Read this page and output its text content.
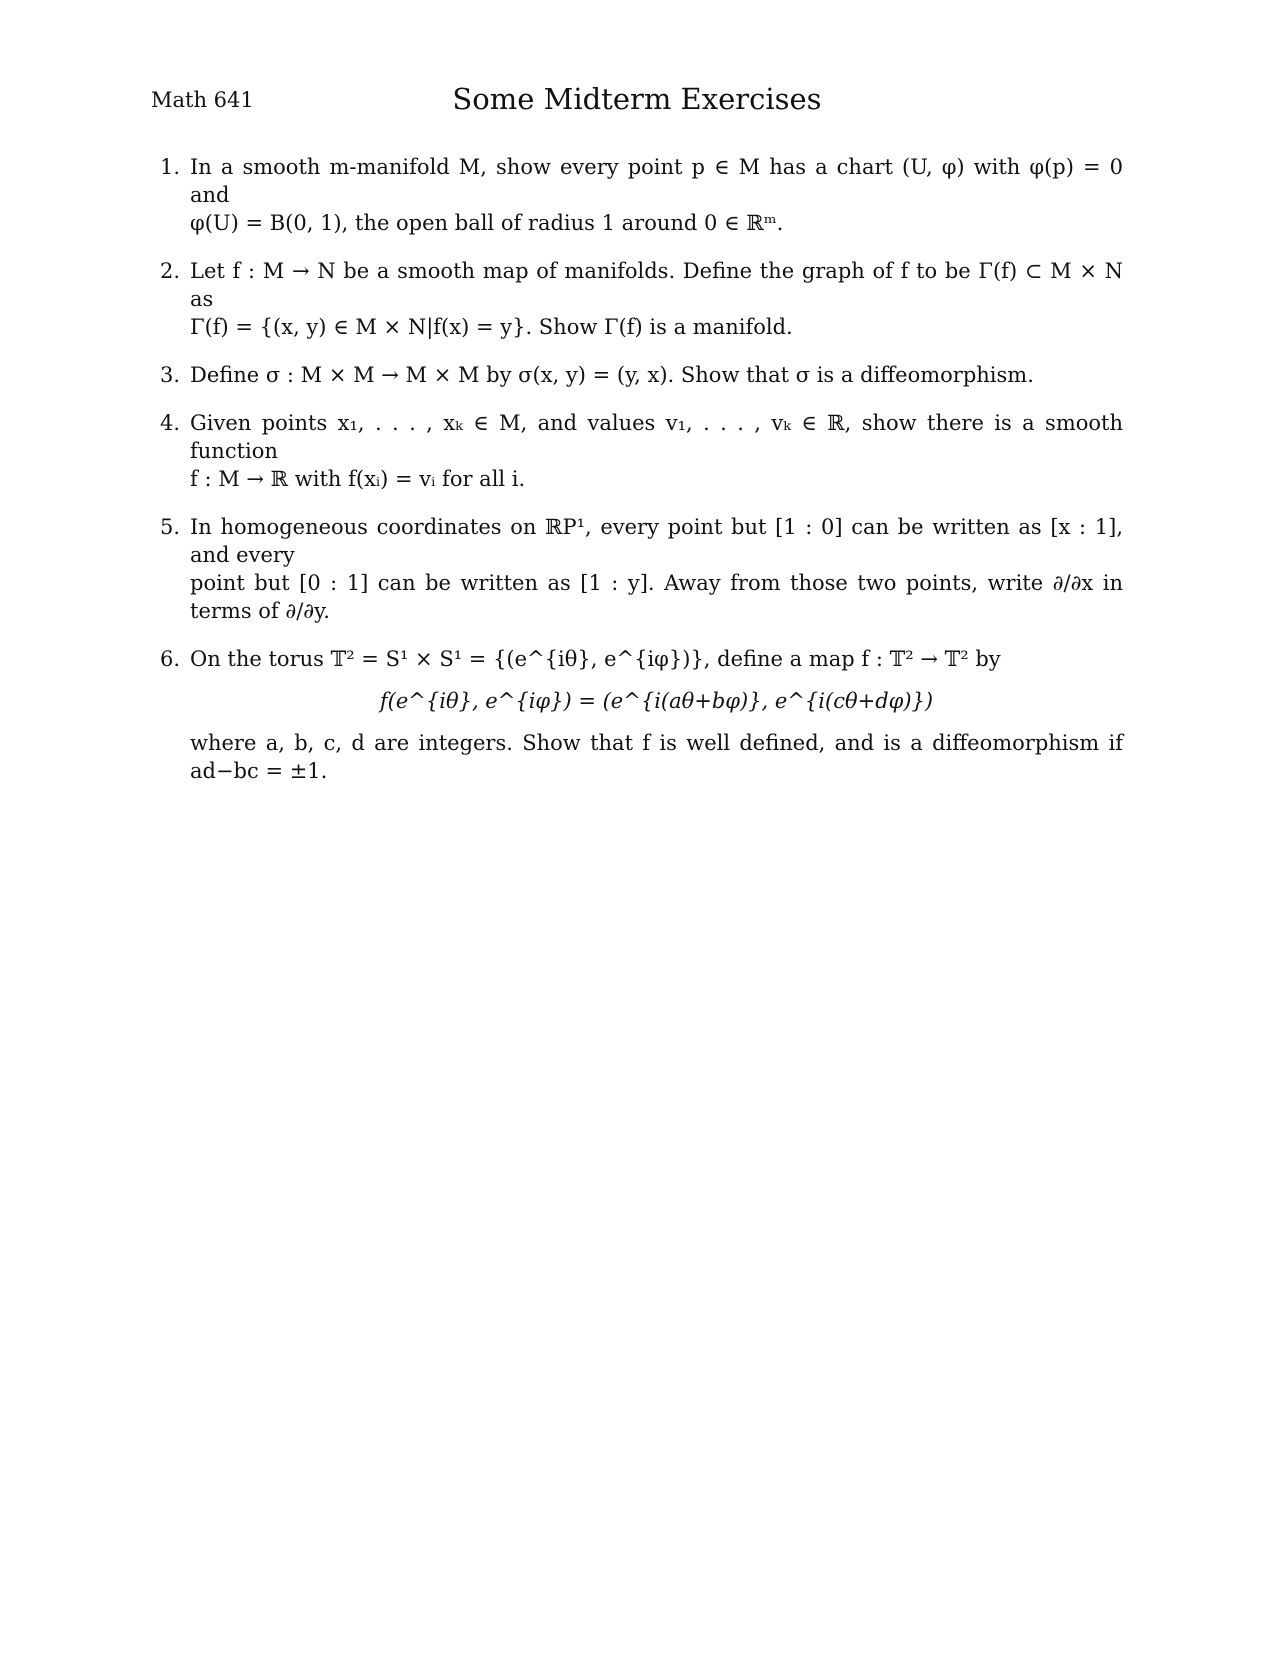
Math 641	Some Midterm Exercises
1. In a smooth m-manifold M, show every point p ∈ M has a chart (U, φ) with φ(p) = 0 and
φ(U) = B(0, 1), the open ball of radius 1 around 0 ∈ ℝᵐ.
2. Let f : M → N be a smooth map of manifolds. Define the graph of f to be Γ(f) ⊂ M × N as
Γ(f) = {(x, y) ∈ M × N|f(x) = y}. Show Γ(f) is a manifold.
3. Define σ : M × M → M × M by σ(x, y) = (y, x). Show that σ is a diffeomorphism.
4. Given points x₁, . . . , xₖ ∈ M, and values v₁, . . . , vₖ ∈ ℝ, show there is a smooth function
f : M → ℝ with f(xᵢ) = vᵢ for all i.
5. In homogeneous coordinates on ℝP¹, every point but [1 : 0] can be written as [x : 1], and every
point but [0 : 1] can be written as [1 : y]. Away from those two points, write ∂/∂x in terms of ∂/∂y.
6. On the torus 𝕋² = S¹ × S¹ = {(e^{iθ}, e^{iφ})}, define a map f : 𝕋² → 𝕋² by
f(e^{iθ}, e^{iφ}) = (e^{i(aθ+bφ)}, e^{i(cθ+dφ)})
where a, b, c, d are integers. Show that f is well defined, and is a diffeomorphism if ad−bc = ±1.
